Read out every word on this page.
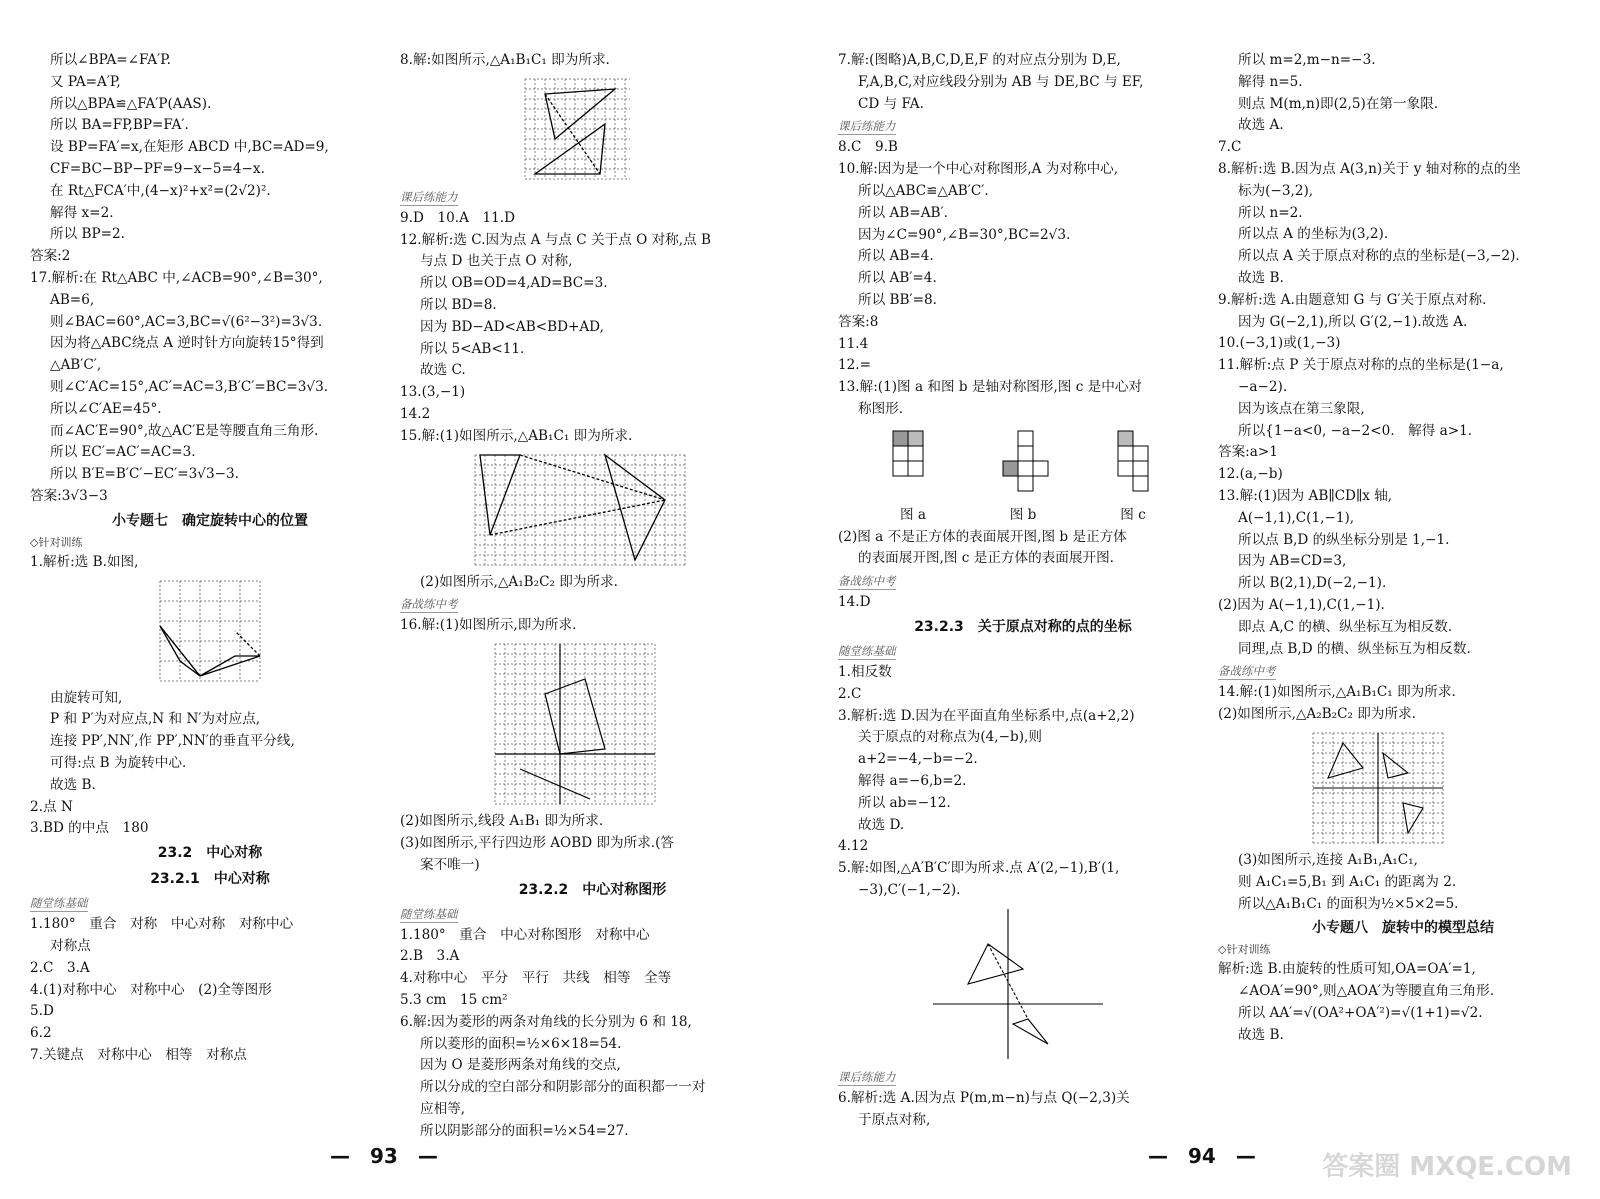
所以∠BPA=∠FA′P.
又 PA=A′P,
所以△BPA≌△FA′P(AAS).
所以 BA=FP,BP=FA′.
设 BP=FA′=x,在矩形 ABCD 中,BC=AD=9,
CF=BC−BP−PF=9−x−5=4−x.
在 Rt△FCA′中,(4−x)²+x²=(2√2)².
解得 x=2.
所以 BP=2.
答案:2
17.解析:在 Rt△ABC 中,∠ACB=90°,∠B=30°,
AB=6,
则∠BAC=60°,AC=3,BC=√(6²−3²)=3√3.
因为将△ABC绕点 A 逆时针方向旋转15°得到
△AB′C′,
则∠C′AC=15°,AC′=AC=3,B′C′=BC=3√3.
所以∠C′AE=45°.
而∠AC′E=90°,故△AC′E是等腰直角三角形.
所以 EC′=AC′=AC=3.
所以 B′E=B′C′−EC′=3√3−3.
答案:3√3−3
小专题七　确定旋转中心的位置
◇针对训练
1.解析:选 B.如图,
由旋转可知,
P 和 P′为对应点,N 和 N′为对应点,
连接 PP′,NN′,作 PP′,NN′的垂直平分线,
可得:点 B 为旋转中心.
故选 B.
2.点 N
3.BD 的中点　180
23.2　中心对称
23.2.1　中心对称
随堂练基础
1.180°　重合　对称　中心对称　对称中心
对称点
2.C　3.A
4.(1)对称中心　对称中心　(2)全等图形
5.D
6.2
7.关键点　对称中心　相等　对称点
8.解:如图所示,△A₁B₁C₁ 即为所求.
课后练能力
9.D　10.A　11.D
12.解析:选 C.因为点 A 与点 C 关于点 O 对称,点 B
与点 D 也关于点 O 对称,
所以 OB=OD=4,AD=BC=3.
所以 BD=8.
因为 BD−AD<AB<BD+AD,
所以 5<AB<11.
故选 C.
13.(3,−1)
14.2
15.解:(1)如图所示,△AB₁C₁ 即为所求.
(2)如图所示,△A₁B₂C₂ 即为所求.
备战练中考
16.解:(1)如图所示,即为所求.
(2)如图所示,线段 A₁B₁ 即为所求.
(3)如图所示,平行四边形 AOBD 即为所求.(答
案不唯一)
23.2.2　中心对称图形
随堂练基础
1.180°　重合　中心对称图形　对称中心
2.B　3.A
4.对称中心　平分　平行　共线　相等　全等
5.3 cm　15 cm²
6.解:因为菱形的两条对角线的长分别为 6 和 18,
所以菱形的面积=½×6×18=54.
因为 O 是菱形两条对角线的交点,
所以分成的空白部分和阴影部分的面积都一一对
应相等,
所以阴影部分的面积=½×54=27.
—　93　—
7.解:(图略)A,B,C,D,E,F 的对应点分别为 D,E,
F,A,B,C,对应线段分别为 AB 与 DE,BC 与 EF,
CD 与 FA.
课后练能力
8.C　9.B
10.解:因为是一个中心对称图形,A 为对称中心,
所以△ABC≌△AB′C′.
所以 AB=AB′.
因为∠C=90°,∠B=30°,BC=2√3.
所以 AB=4.
所以 AB′=4.
所以 BB′=8.
答案:8
11.4
12.=
13.解:(1)图 a 和图 b 是轴对称图形,图 c 是中心对
称图形.
图 a	图 b	图 c
(2)图 a 不是正方体的表面展开图,图 b 是正方体
的表面展开图,图 c 是正方体的表面展开图.
备战练中考
14.D
23.2.3　关于原点对称的点的坐标
随堂练基础
1.相反数
2.C
3.解析:选 D.因为在平面直角坐标系中,点(a+2,2)
关于原点的对称点为(4,−b),则
a+2=−4,−b=−2.
解得 a=−6,b=2.
所以 ab=−12.
故选 D.
4.12
5.解:如图,△A′B′C′即为所求.点 A′(2,−1),B′(1,
−3),C′(−1,−2).
课后练能力
6.解析:选 A.因为点 P(m,m−n)与点 Q(−2,3)关
于原点对称,
—　94　—
所以 m=2,m−n=−3.
解得 n=5.
则点 M(m,n)即(2,5)在第一象限.
故选 A.
7.C
8.解析:选 B.因为点 A(3,n)关于 y 轴对称的点的坐
标为(−3,2),
所以 n=2.
所以点 A 的坐标为(3,2).
所以点 A 关于原点对称的点的坐标是(−3,−2).
故选 B.
9.解析:选 A.由题意知 G 与 G′关于原点对称.
因为 G(−2,1),所以 G′(2,−1).故选 A.
10.(−3,1)或(1,−3)
11.解析:点 P 关于原点对称的点的坐标是(1−a,
−a−2).
因为该点在第三象限,
所以{1−a<0, −a−2<0.　解得 a>1.
答案:a>1
12.(a,−b)
13.解:(1)因为 AB∥CD∥x 轴,
A(−1,1),C(1,−1),
所以点 B,D 的纵坐标分别是 1,−1.
因为 AB=CD=3,
所以 B(2,1),D(−2,−1).
(2)因为 A(−1,1),C(1,−1).
即点 A,C 的横、纵坐标互为相反数.
同理,点 B,D 的横、纵坐标互为相反数.
备战练中考
14.解:(1)如图所示,△A₁B₁C₁ 即为所求.
(2)如图所示,△A₂B₂C₂ 即为所求.
(3)如图所示,连接 A₁B₁,A₁C₁,
则 A₁C₁=5,B₁ 到 A₁C₁ 的距离为 2.
所以△A₁B₁C₁ 的面积为½×5×2=5.
小专题八　旋转中的模型总结
◇针对训练
解析:选 B.由旋转的性质可知,OA=OA′=1,
∠AOA′=90°,则△AOA′为等腰直角三角形.
所以 AA′=√(OA²+OA′²)=√(1+1)=√2.
故选 B.
答案圈 MXQE.COM
